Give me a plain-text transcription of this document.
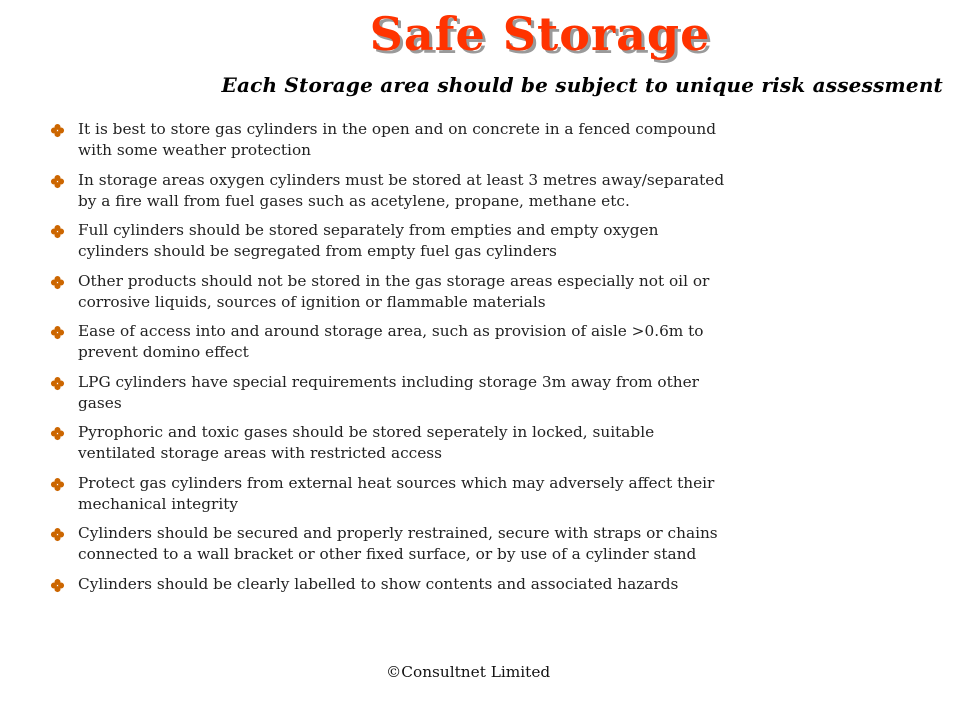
Safe Storage
Each Storage area should be subject to unique risk assessment
It is best to store gas cylinders in the open and on concrete in a fenced compound with some weather protection
In storage areas oxygen cylinders must be stored at least 3 metres away/separated by a fire wall from fuel gases such as acetylene, propane, methane etc.
Full cylinders should be stored separately from empties and empty oxygen cylinders should be segregated from empty fuel gas cylinders
Other products should not be stored in the gas storage areas especially not oil or corrosive liquids, sources of ignition or flammable materials
Ease of access into and around storage area, such as provision of aisle >0.6m to prevent domino effect
LPG cylinders have special requirements including storage 3m away from other gases
Pyrophoric and toxic gases should be stored seperately in locked, suitable ventilated storage areas with restricted access
Protect gas cylinders from external heat sources which may adversely affect their mechanical integrity
Cylinders should be secured and properly restrained, secure with straps or chains connected to a wall bracket or other fixed surface, or by use of a cylinder stand
Cylinders should be clearly labelled to show contents and associated hazards
©Consultnet Limited
